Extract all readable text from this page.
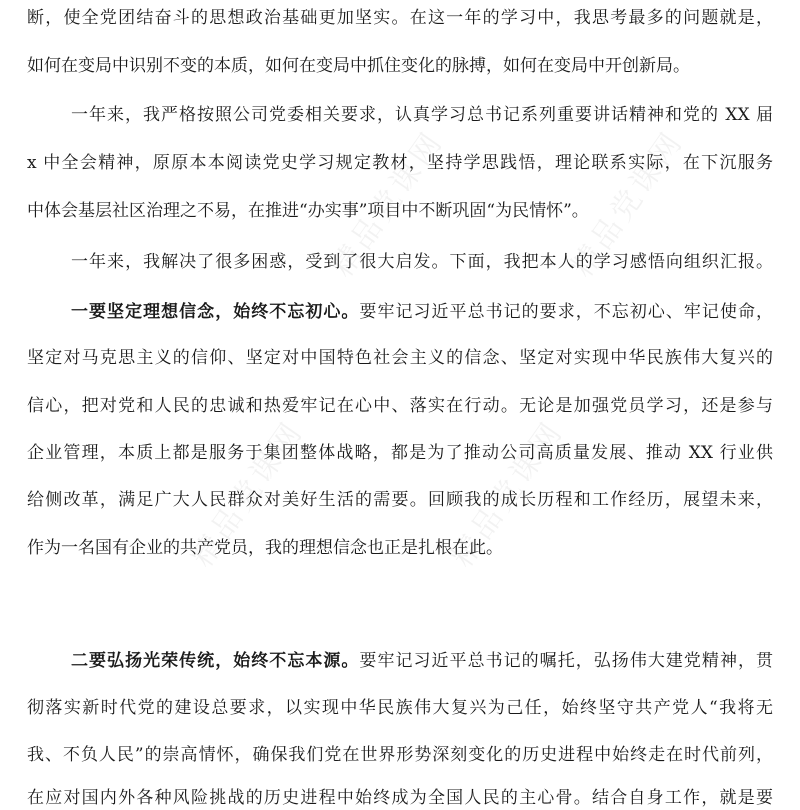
精品党课网	精品党课网
精品党课网	精品党课网
断，使全党团结奋斗的思想政治基础更加坚实。在这一年的学习中，我思考最多的问题就是，
如何在变局中识别不变的本质，如何在变局中抓住变化的脉搏，如何在变局中开创新局。
一年来，我严格按照公司党委相关要求，认真学习总书记系列重要讲话精神和党的 XX 届
x 中全会精神，原原本本阅读党史学习规定教材，坚持学思践悟，理论联系实际，在下沉服务
中体会基层社区治理之不易，在推进“办实事”项目中不断巩固“为民情怀”。
一年来，我解决了很多困惑，受到了很大启发。下面，我把本人的学习感悟向组织汇报。
一要坚定理想信念，始终不忘初心。要牢记习近平总书记的要求，不忘初心、牢记使命，
坚定对马克思主义的信仰、坚定对中国特色社会主义的信念、坚定对实现中华民族伟大复兴的
信心，把对党和人民的忠诚和热爱牢记在心中、落实在行动。无论是加强党员学习，还是参与
企业管理，本质上都是服务于集团整体战略，都是为了推动公司高质量发展、推动 XX 行业供
给侧改革，满足广大人民群众对美好生活的需要。回顾我的成长历程和工作经历，展望未来，
作为一名国有企业的共产党员，我的理想信念也正是扎根在此。
二要弘扬光荣传统，始终不忘本源。要牢记习近平总书记的嘱托，弘扬伟大建党精神，贯
彻落实新时代党的建设总要求，以实现中华民族伟大复兴为己任，始终坚守共产党人“我将无
我、不负人民”的崇高情怀，确保我们党在世界形势深刻变化的历史进程中始终走在时代前列，
在应对国内外各种风险挑战的历史进程中始终成为全国人民的主心骨。结合自身工作，就是要
